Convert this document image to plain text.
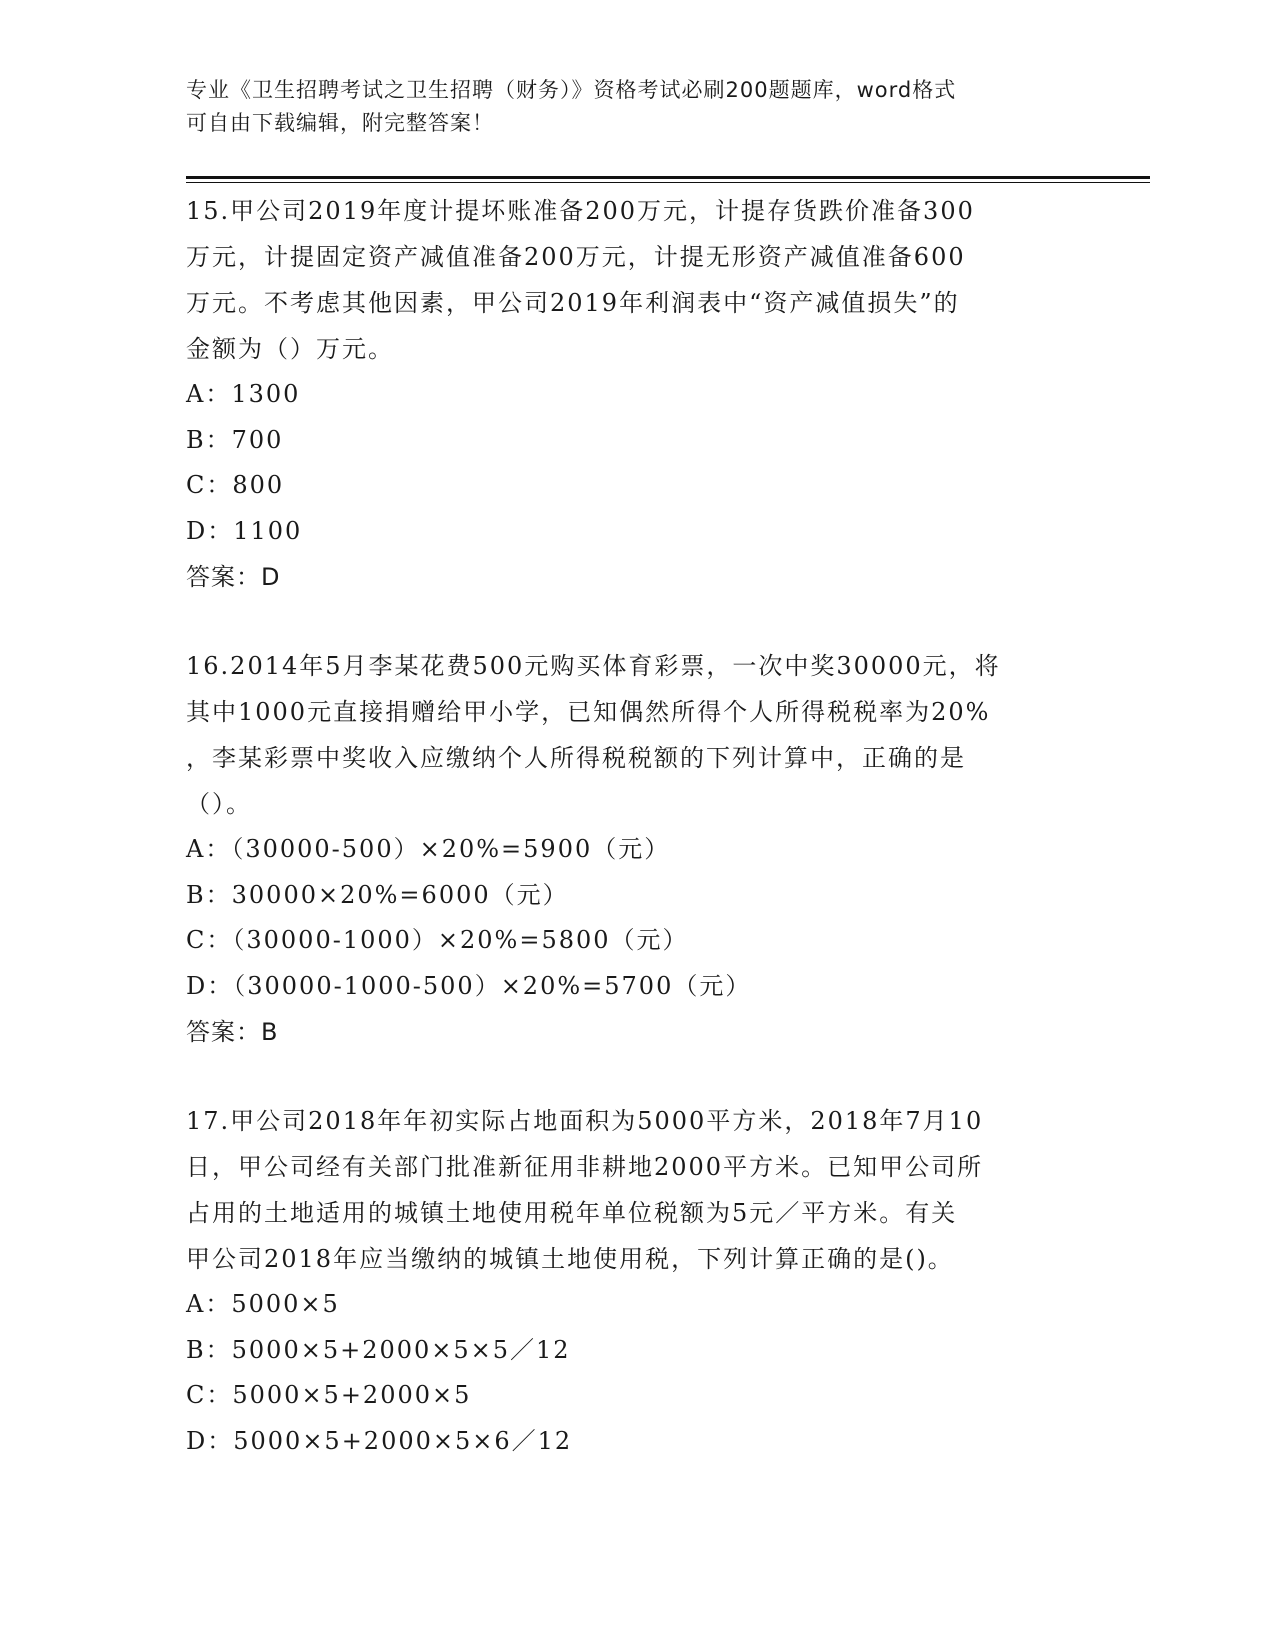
专业《卫生招聘考试之卫生招聘（财务）》资格考试必刷200题题库，word格式
可自由下载编辑，附完整答案！
15.甲公司2019年度计提坏账准备200万元，计提存货跌价准备300
万元，计提固定资产减值准备200万元，计提无形资产减值准备600
万元。不考虑其他因素，甲公司2019年利润表中“资产减值损失”的
金额为（）万元。
A：1300
B：700
C：800
D：1100
答案：D
16.2014年5月李某花费500元购买体育彩票，一次中奖30000元，将
其中1000元直接捐赠给甲小学，已知偶然所得个人所得税税率为20%
，李某彩票中奖收入应缴纳个人所得税税额的下列计算中，正确的是
（）。
A：（30000-500）×20%=5900（元）
B：30000×20%=6000（元）
C：（30000-1000）×20%=5800（元）
D：（30000-1000-500）×20%=5700（元）
答案：B
17.甲公司2018年年初实际占地面积为5000平方米，2018年7月10
日，甲公司经有关部门批准新征用非耕地2000平方米。已知甲公司所
占用的土地适用的城镇土地使用税年单位税额为5元／平方米。有关
甲公司2018年应当缴纳的城镇土地使用税，下列计算正确的是()。
A：5000×5
B：5000×5+2000×5×5／12
C：5000×5+2000×5
D：5000×5+2000×5×6／12
